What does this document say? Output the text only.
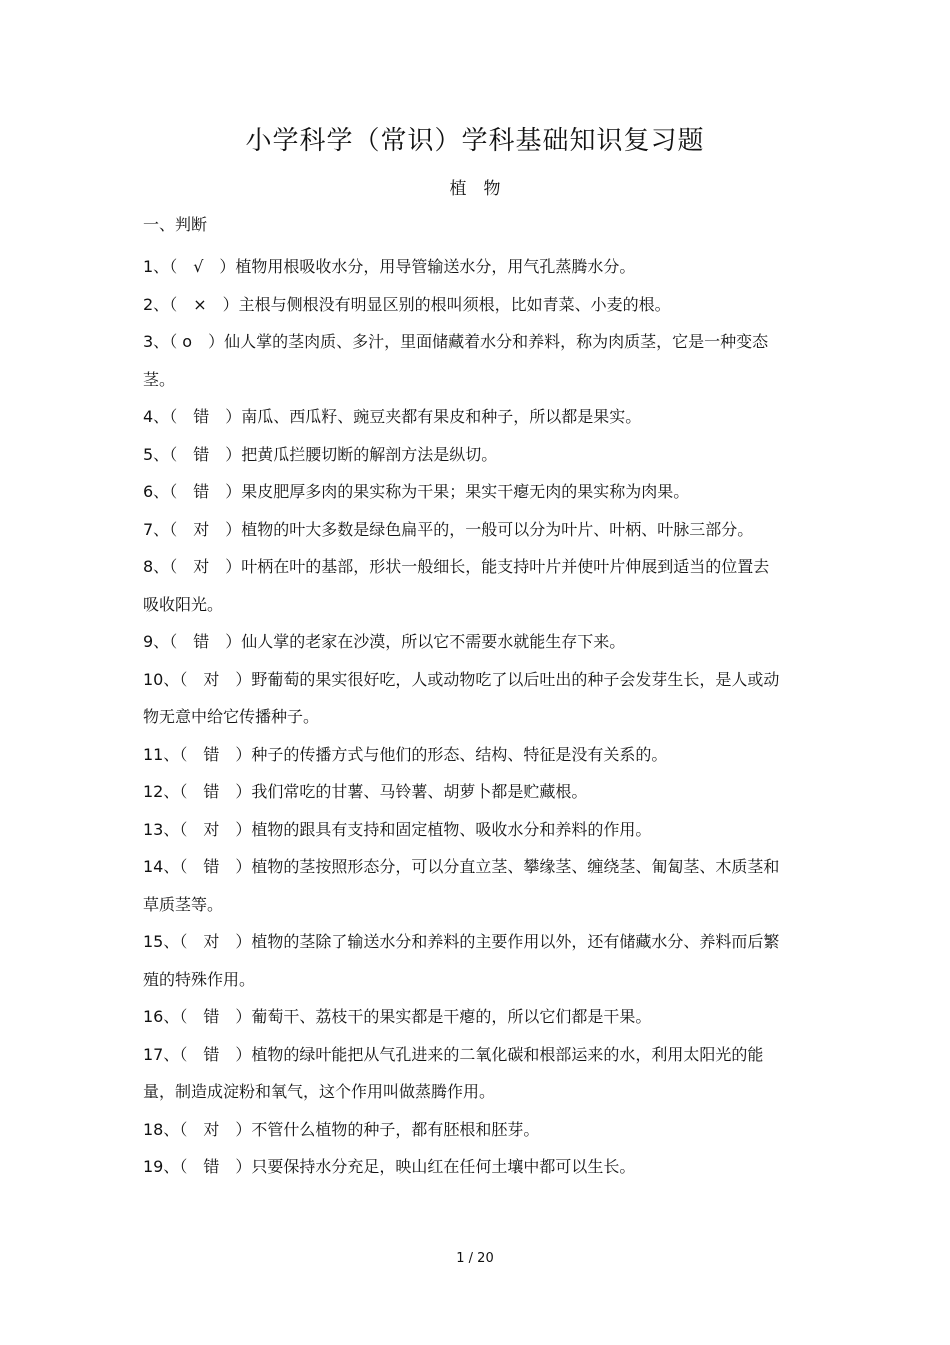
小学科学（常识）学科基础知识复习题
植　物
一、判断

1、（　√　）植物用根吸收水分，用导管输送水分，用气孔蒸腾水分。

2、（　×　）主根与侧根没有明显区别的根叫须根，比如青菜、小麦的根。

3、（ o　）仙人掌的茎肉质、多汁，里面储藏着水分和养料，称为肉质茎，它是一种变态茎。

4、（　错　）南瓜、西瓜籽、豌豆夹都有果皮和种子，所以都是果实。

5、（　错　）把黄瓜拦腰切断的解剖方法是纵切。

6、（　错　）果皮肥厚多肉的果实称为干果；果实干瘪无肉的果实称为肉果。

7、（　对　）植物的叶大多数是绿色扁平的，一般可以分为叶片、叶柄、叶脉三部分。

8、（　对　）叶柄在叶的基部，形状一般细长，能支持叶片并使叶片伸展到适当的位置去吸收阳光。

9、（　错　）仙人掌的老家在沙漠，所以它不需要水就能生存下来。

10、（　对　）野葡萄的果实很好吃，人或动物吃了以后吐出的种子会发芽生长，是人或动物无意中给它传播种子。

11、（　错　）种子的传播方式与他们的形态、结构、特征是没有关系的。

12、（　错　）我们常吃的甘薯、马铃薯、胡萝卜都是贮藏根。

13、（　对　）植物的跟具有支持和固定植物、吸收水分和养料的作用。

14、（　错　）植物的茎按照形态分，可以分直立茎、攀缘茎、缠绕茎、匍匐茎、木质茎和草质茎等。

15、（　对　）植物的茎除了输送水分和养料的主要作用以外，还有储藏水分、养料而后繁殖的特殊作用。

16、（　错　）葡萄干、荔枝干的果实都是干瘪的，所以它们都是干果。

17、（　错　）植物的绿叶能把从气孔进来的二氧化碳和根部运来的水，利用太阳光的能量，制造成淀粉和氧气，这个作用叫做蒸腾作用。

18、（　对　）不管什么植物的种子，都有胚根和胚芽。

19、（　错　）只要保持水分充足，映山红在任何土壤中都可以生长。

1 / 20
